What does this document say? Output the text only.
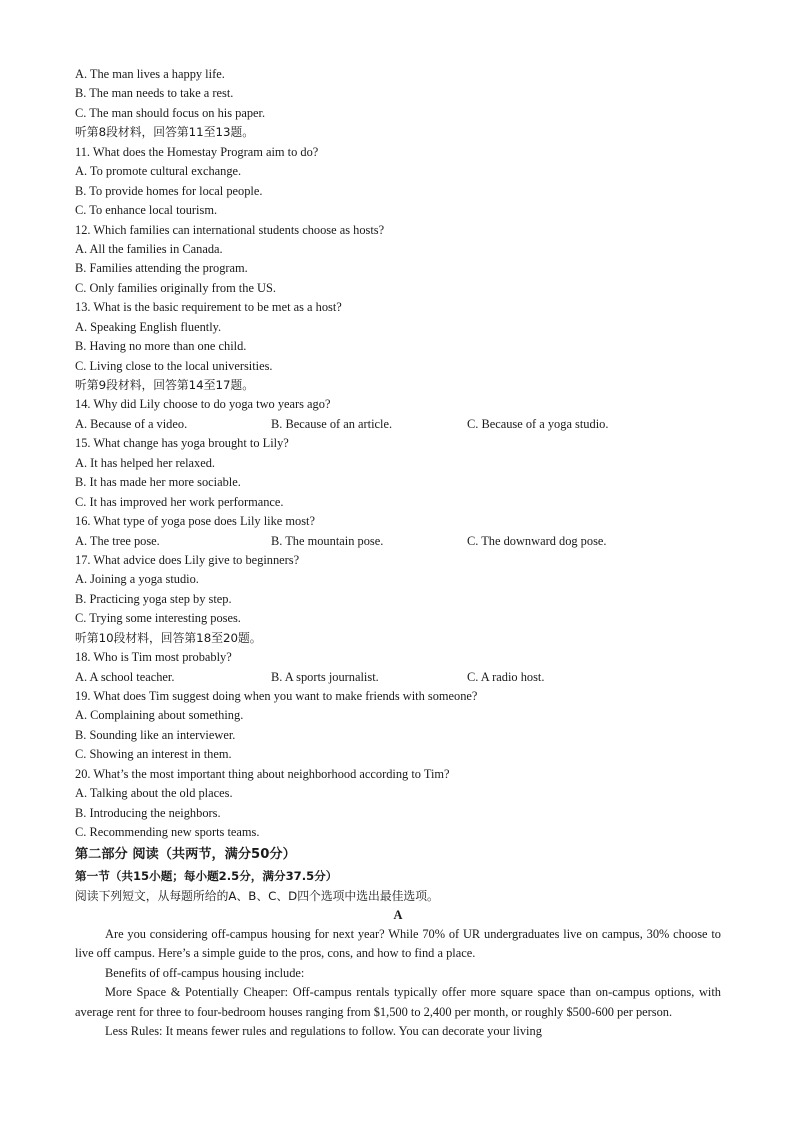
A. The man lives a happy life.
B. The man needs to take a rest.
C. The man should focus on his paper.
听第8段材料，回答第11至13题。
11. What does the Homestay Program aim to do?
A. To promote cultural exchange.
B. To provide homes for local people.
C. To enhance local tourism.
12. Which families can international students choose as hosts?
A. All the families in Canada.
B. Families attending the program.
C. Only families originally from the US.
13. What is the basic requirement to be met as a host?
A. Speaking English fluently.
B. Having no more than one child.
C. Living close to the local universities.
听第9段材料，回答第14至17题。
14. Why did Lily choose to do yoga two years ago?
A. Because of a video.	B. Because of an article.	C. Because of a yoga studio.
15. What change has yoga brought to Lily?
A. It has helped her relaxed.
B. It has made her more sociable.
C. It has improved her work performance.
16. What type of yoga pose does Lily like most?
A. The tree pose.	B. The mountain pose.	C. The downward dog pose.
17. What advice does Lily give to beginners?
A. Joining a yoga studio.
B. Practicing yoga step by step.
C. Trying some interesting poses.
听第10段材料，回答第18至20题。
18. Who is Tim most probably?
A. A school teacher.	B. A sports journalist.	C. A radio host.
19. What does Tim suggest doing when you want to make friends with someone?
A. Complaining about something.
B. Sounding like an interviewer.
C. Showing an interest in them.
20. What’s the most important thing about neighborhood according to Tim?
A. Talking about the old places.
B. Introducing the neighbors.
C. Recommending new sports teams.
第二部分 阅读（共两节，满分50分）
第一节（共15小题；每小题2.5分，满分37.5分）
阅读下列短文，从每题所给的A、B、C、D四个选项中选出最佳选项。
A

Are you considering off-campus housing for next year? While 70% of UR undergraduates live on campus, 30% choose to live off campus. Here’s a simple guide to the pros, cons, and how to find a place.

Benefits of off-campus housing include:

More Space & Potentially Cheaper: Off-campus rentals typically offer more square space than on-campus options, with average rent for three to four-bedroom houses ranging from $1,500 to 2,400 per month, or roughly $500-600 per person.

Less Rules: It means fewer rules and regulations to follow. You can decorate your living
